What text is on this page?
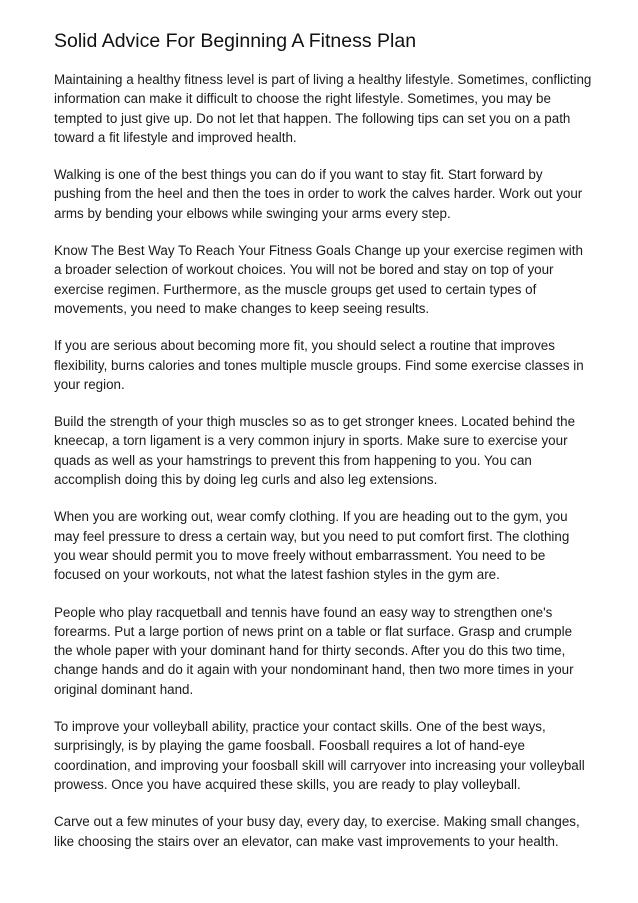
Solid Advice For Beginning A Fitness Plan

Maintaining a healthy fitness level is part of living a healthy lifestyle. Sometimes, conflicting information can make it difficult to choose the right lifestyle. Sometimes, you may be tempted to just give up. Do not let that happen. The following tips can set you on a path toward a fit lifestyle and improved health.

Walking is one of the best things you can do if you want to stay fit. Start forward by pushing from the heel and then the toes in order to work the calves harder. Work out your arms by bending your elbows while swinging your arms every step.

Know The Best Way To Reach Your Fitness Goals Change up your exercise regimen with a broader selection of workout choices. You will not be bored and stay on top of your exercise regimen. Furthermore, as the muscle groups get used to certain types of movements, you need to make changes to keep seeing results.

If you are serious about becoming more fit, you should select a routine that improves flexibility, burns calories and tones multiple muscle groups. Find some exercise classes in your region.

Build the strength of your thigh muscles so as to get stronger knees. Located behind the kneecap, a torn ligament is a very common injury in sports. Make sure to exercise your quads as well as your hamstrings to prevent this from happening to you. You can accomplish doing this by doing leg curls and also leg extensions.

When you are working out, wear comfy clothing. If you are heading out to the gym, you may feel pressure to dress a certain way, but you need to put comfort first. The clothing you wear should permit you to move freely without embarrassment. You need to be focused on your workouts, not what the latest fashion styles in the gym are.

People who play racquetball and tennis have found an easy way to strengthen one's forearms. Put a large portion of news print on a table or flat surface. Grasp and crumple the whole paper with your dominant hand for thirty seconds. After you do this two time, change hands and do it again with your nondominant hand, then two more times in your original dominant hand.

To improve your volleyball ability, practice your contact skills. One of the best ways, surprisingly, is by playing the game foosball. Foosball requires a lot of hand-eye coordination, and improving your foosball skill will carryover into increasing your volleyball prowess. Once you have acquired these skills, you are ready to play volleyball.

Carve out a few minutes of your busy day, every day, to exercise. Making small changes, like choosing the stairs over an elevator, can make vast improvements to your health.
